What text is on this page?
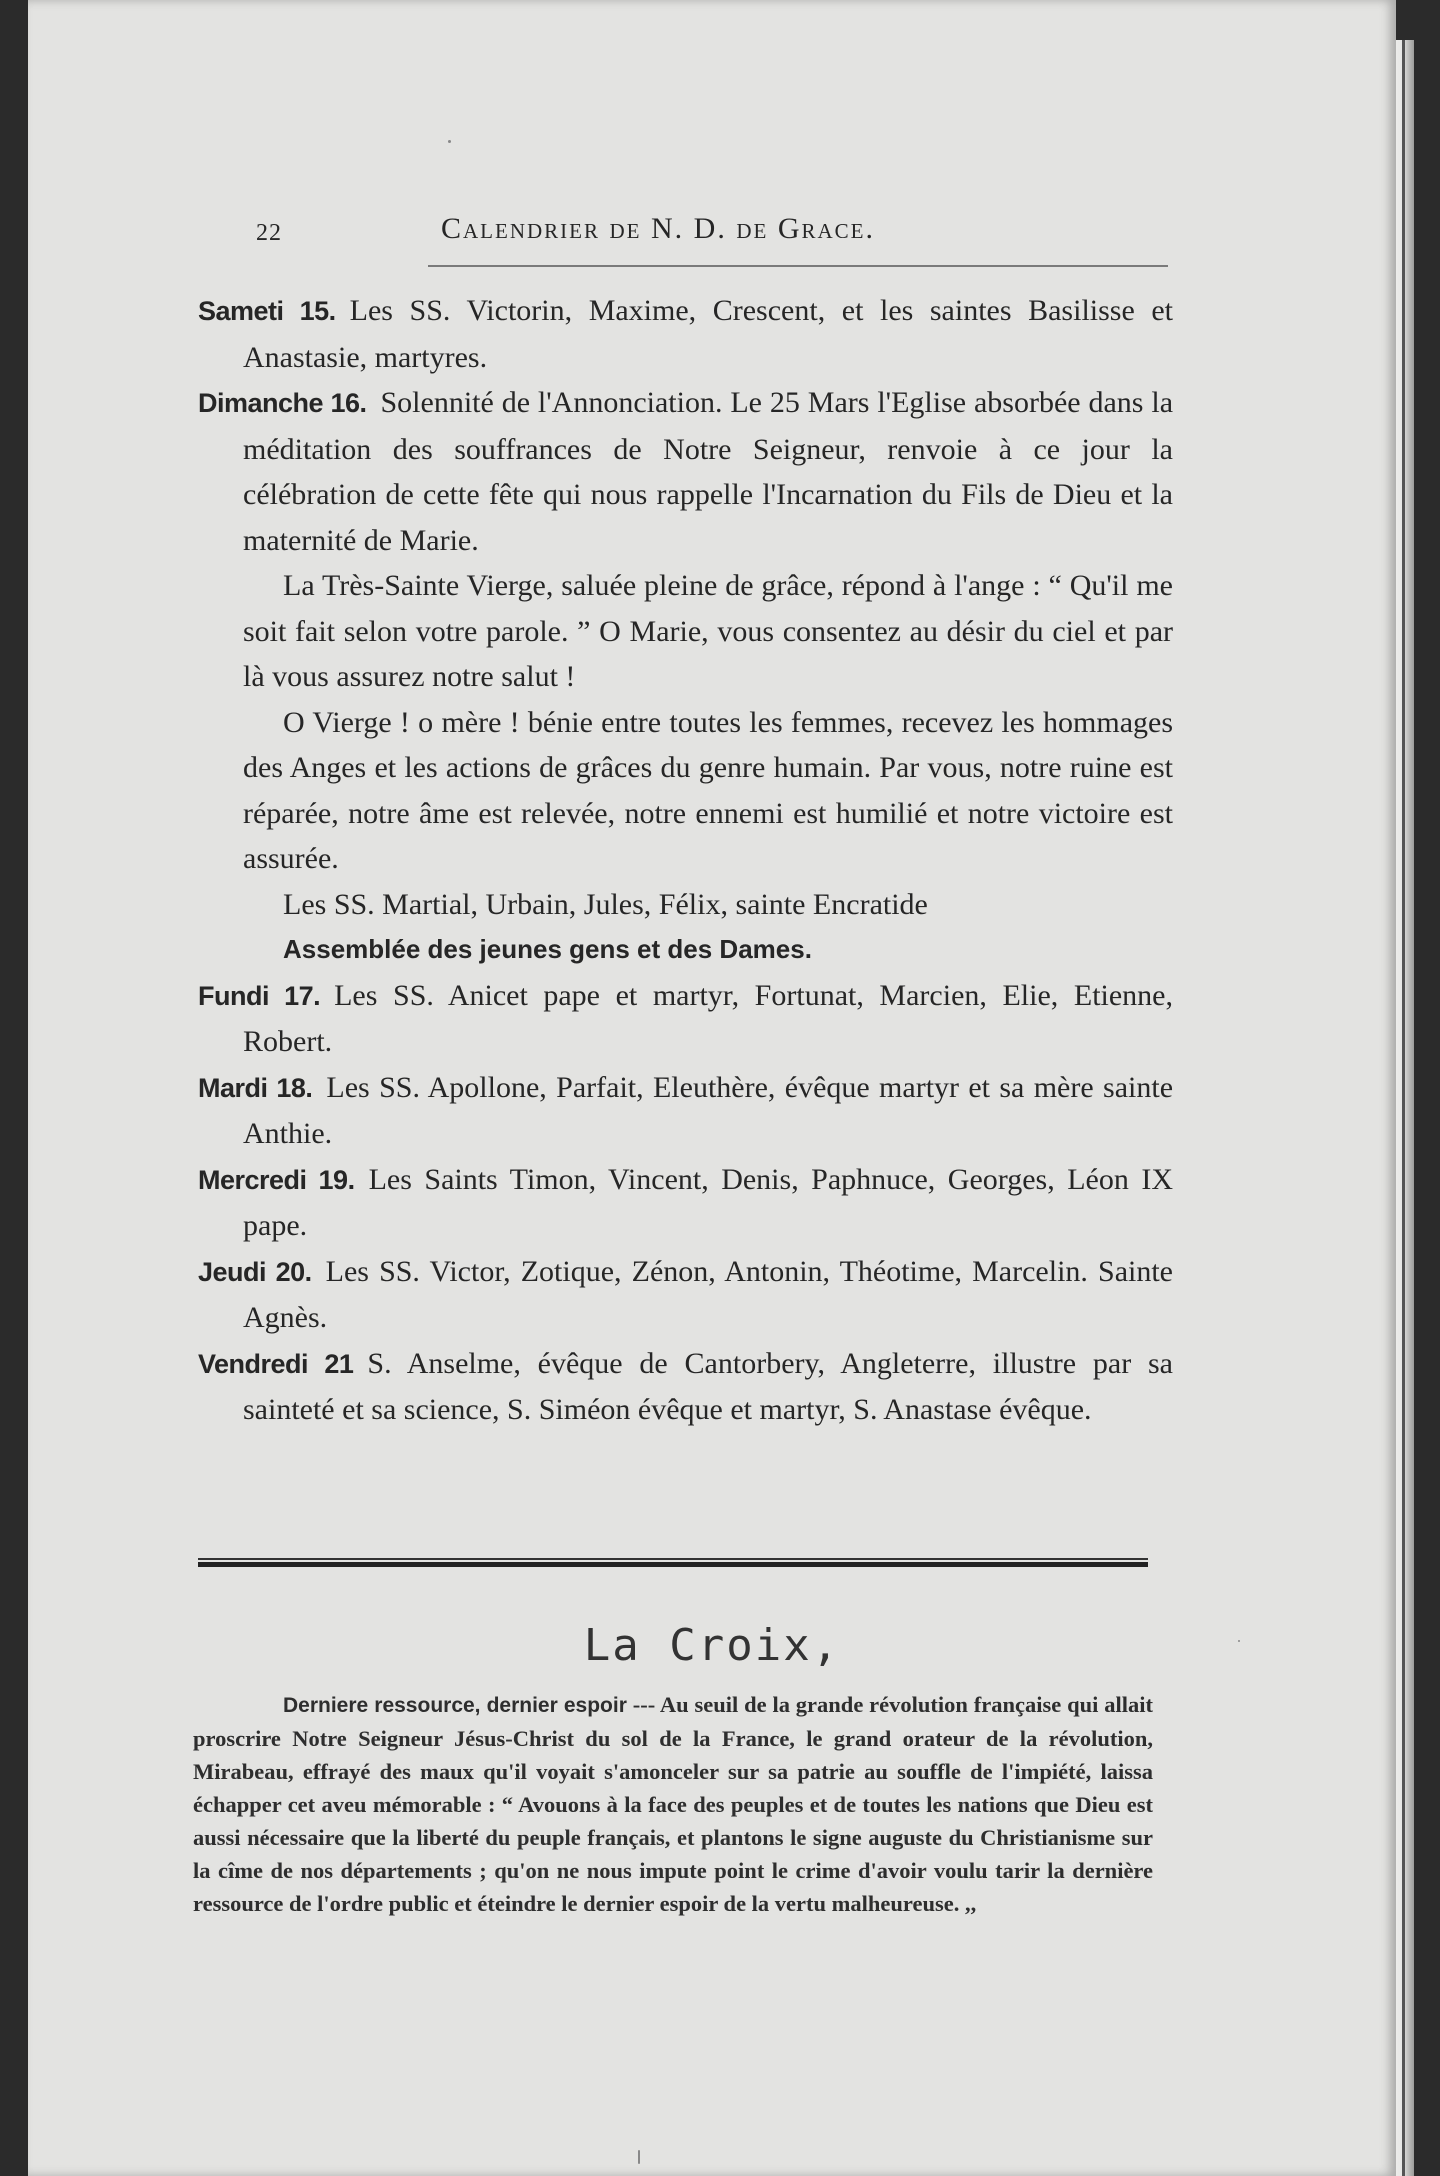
22	Calendrier de N. D. de Grace.

Sameti 15. Les SS. Victorin, Maxime, Crescent, et les saintes Basilisse et Anastasie, martyres.

Dimanche 16. Solennité de l'Annonciation. Le 25 Mars l'Eglise absorbée dans la méditation des souffrances de Notre Seigneur, renvoie à ce jour la célébration de cette fête qui nous rappelle l'Incarnation du Fils de Dieu et la maternité de Marie.

La Très-Sainte Vierge, saluée pleine de grâce, répond à l'ange : “ Qu'il me soit fait selon votre parole. ” O Marie, vous consentez au désir du ciel et par là vous assurez notre salut !

O Vierge ! o mère ! bénie entre toutes les femmes, recevez les hommages des Anges et les actions de grâces du genre humain. Par vous, notre ruine est réparée, notre âme est relevée, notre ennemi est humilié et notre victoire est assurée.

Les SS. Martial, Urbain, Jules, Félix, sainte Encratide

Assemblée des jeunes gens et des Dames.

Fundi 17. Les SS. Anicet pape et martyr, Fortunat, Marcien, Elie, Etienne, Robert.

Mardi 18. Les SS. Apollone, Parfait, Eleuthère, évêque martyr et sa mère sainte Anthie.

Mercredi 19. Les Saints Timon, Vincent, Denis, Paphnuce, Georges, Léon IX pape.

Jeudi 20. Les SS. Victor, Zotique, Zénon, Antonin, Théotime, Marcelin. Sainte Agnès.

Vendredi 21 S. Anselme, évêque de Cantorbery, Angleterre, illustre par sa sainteté et sa science, S. Siméon évêque et martyr, S. Anastase évêque.

La Croix,

Derniere ressource, dernier espoir --- Au seuil de la grande révolution française qui allait proscrire Notre Seigneur Jésus-Christ du sol de la France, le grand orateur de la révolution, Mirabeau, effrayé des maux qu'il voyait s'amonceler sur sa patrie au souffle de l'impiété, laissa échapper cet aveu mémorable : “ Avouons à la face des peuples et de toutes les nations que Dieu est aussi nécessaire que la liberté du peuple français, et plantons le signe auguste du Christianisme sur la cîme de nos départements ; qu'on ne nous impute point le crime d'avoir voulu tarir la dernière ressource de l'ordre public et éteindre le dernier espoir de la vertu malheureuse. ,,
